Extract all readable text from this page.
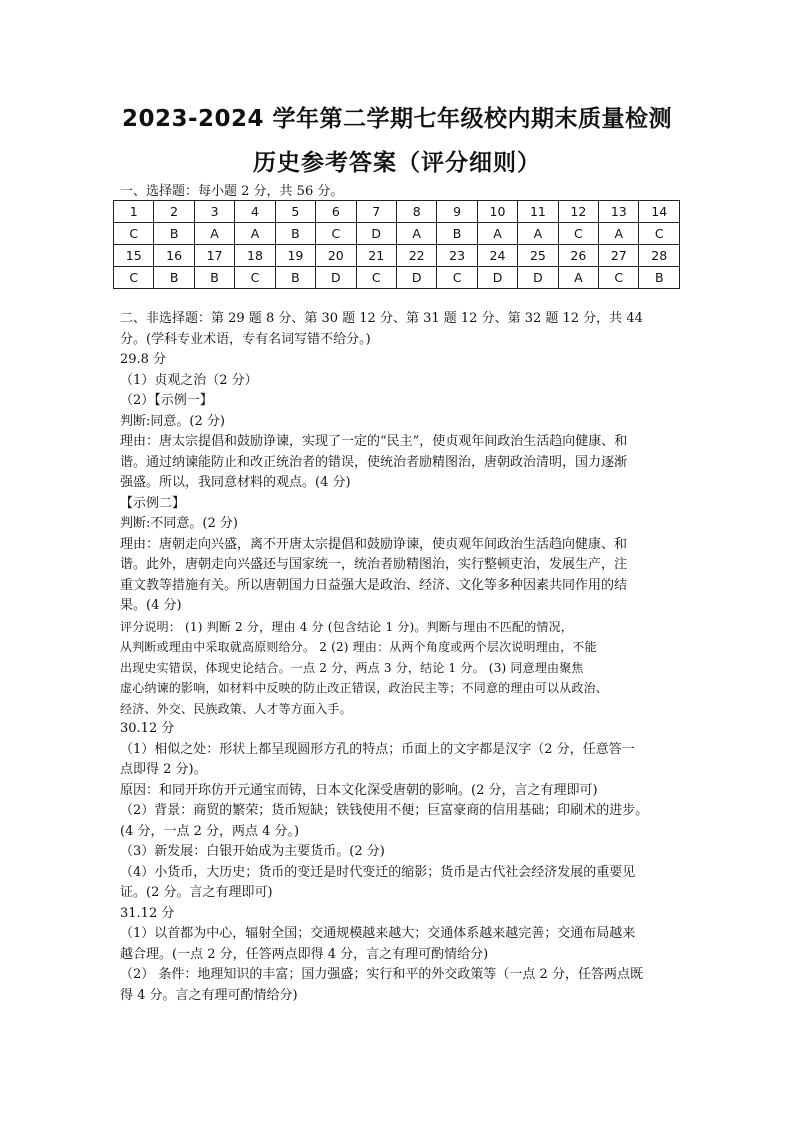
2023-2024 学年第二学期七年级校内期末质量检测
历史参考答案（评分细则）
一、选择题：每小题 2 分，共 56 分。
1	2	3	4	5	6	7	8	9	10	11	12	13	14
C	B	A	A	B	C	D	A	B	A	A	C	A	C
15	16	17	18	19	20	21	22	23	24	25	26	27	28
C	B	B	C	B	D	C	D	C	D	D	A	C	B
二、非选择题：第 29 题 8 分、第 30 题 12 分、第 31 题 12 分、第 32 题 12 分，共 44
分。(学科专业术语，专有名词写错不给分。)
29.8 分
（1）贞观之治（2 分）
（2）【示例一】
判断:同意。(2 分)
理由：唐太宗提倡和鼓励诤谏，实现了一定的“民主”，使贞观年间政治生活趋向健康、和
谐。通过纳谏能防止和改正统治者的错误，使统治者励精图治，唐朝政治清明，国力逐渐
强盛。所以，我同意材料的观点。(4 分)
【示例二】
判断:不同意。(2 分)
理由：唐朝走向兴盛，离不开唐太宗提倡和鼓励诤谏，使贞观年间政治生活趋向健康、和
谐。此外，唐朝走向兴盛还与国家统一，统治者励精图治，实行整顿吏治，发展生产，注
重文教等措施有关。所以唐朝国力日益强大是政治、经济、文化等多种因素共同作用的结
果。(4 分)
评分说明： (1) 判断 2 分，理由 4 分 (包含结论 1 分)。判断与理由不匹配的情况，
从判断或理由中采取就高原则给分。 2 (2) 理由：从两个角度或两个层次说明理由，不能
出现史实错误，体现史论结合。一点 2 分，两点 3 分，结论 1 分。 (3) 同意理由聚焦
虚心纳谏的影响，如材料中反映的防止改正错误，政治民主等；不同意的理由可以从政治、
经济、外交、民族政策、人才等方面入手。
30.12 分
（1）相似之处：形状上都呈现圆形方孔的特点；币面上的文字都是汉字（2 分，任意答一
点即得 2 分)。
原因：和同开珎仿开元通宝而铸，日本文化深受唐朝的影响。(2 分，言之有理即可)
（2）背景：商贸的繁荣；货币短缺；铁钱使用不便；巨富豪商的信用基础；印刷术的进步。
(4 分，一点 2 分，两点 4 分。)
（3）新发展：白银开始成为主要货币。(2 分)
（4）小货币，大历史；货币的变迁是时代变迁的缩影；货币是古代社会经济发展的重要见
证。(2 分。言之有理即可)
31.12 分
（1）以首都为中心，辐射全国；交通规模越来越大；交通体系越来越完善；交通布局越来
越合理。(一点 2 分，任答两点即得 4 分，言之有理可酌情给分)
（2） 条件：地理知识的丰富；国力强盛；实行和平的外交政策等（一点 2 分，任答两点既
得 4 分。言之有理可酌情给分)
